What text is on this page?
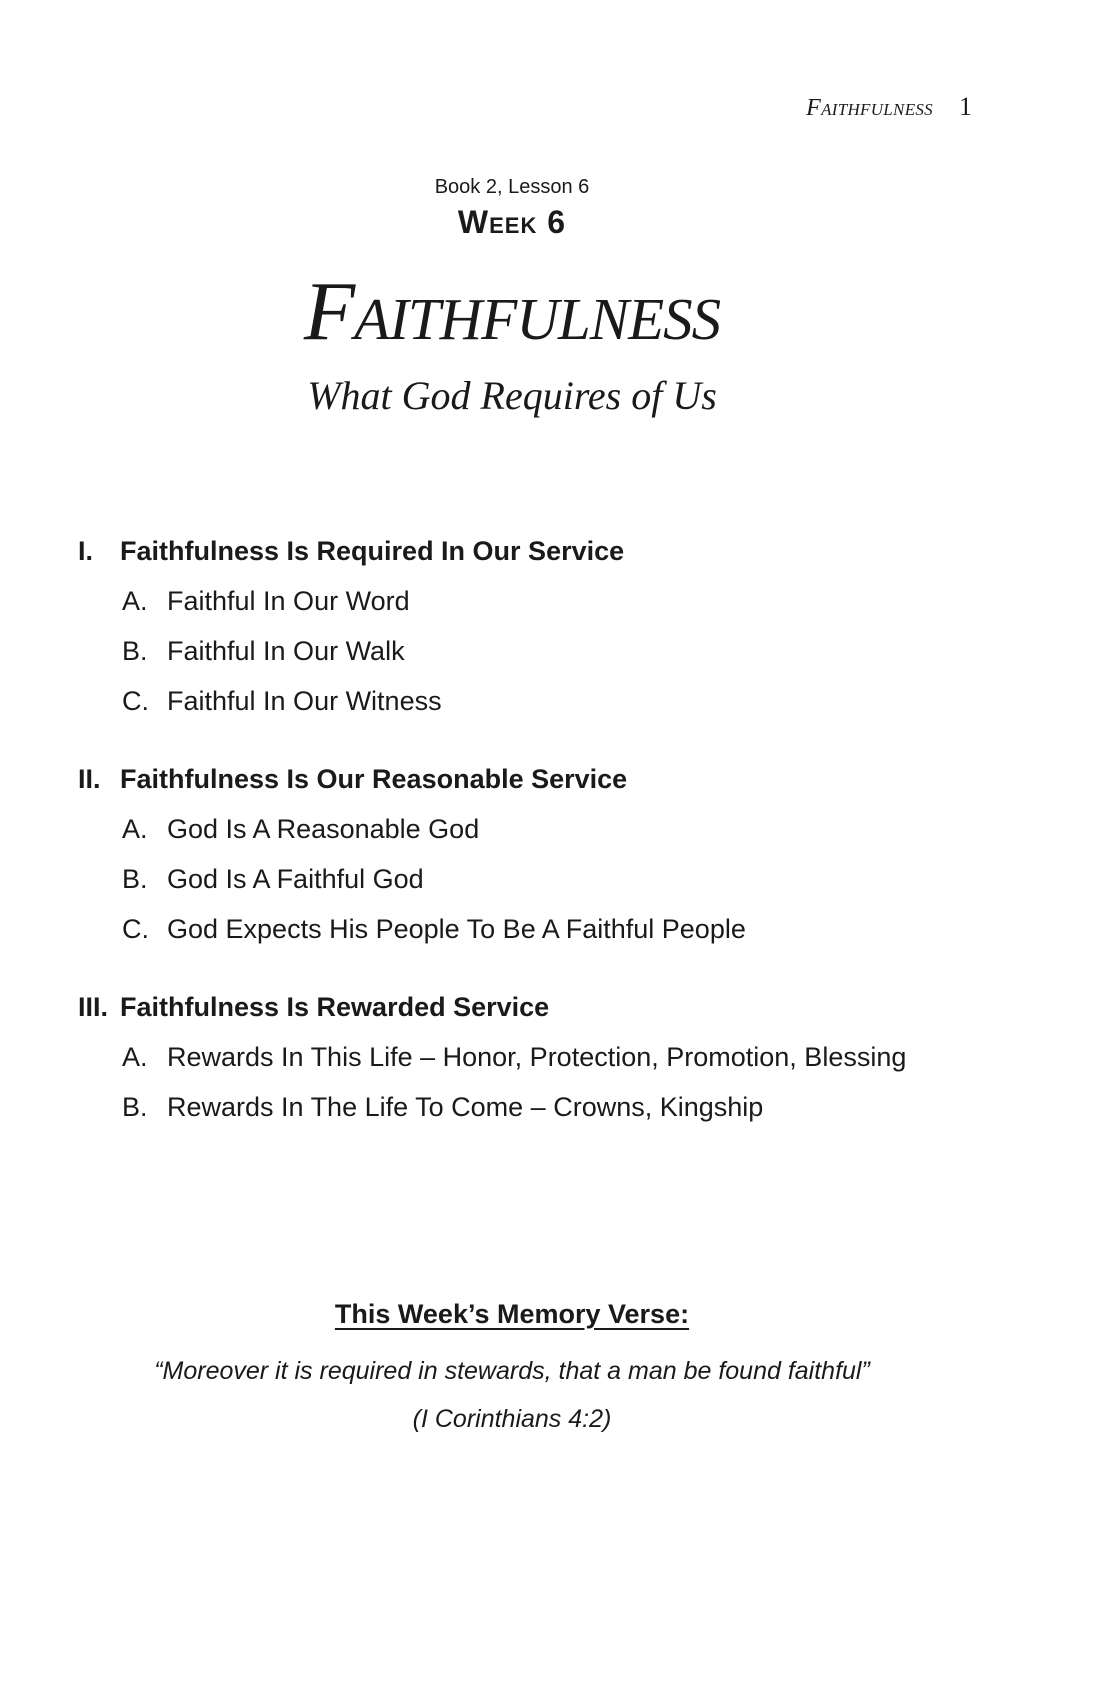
Faithfulness 1
Book 2, Lesson 6
Week 6
Faithfulness
What God Requires of Us
I. Faithfulness Is Required In Our Service
A. Faithful In Our Word
B. Faithful In Our Walk
C. Faithful In Our Witness
II. Faithfulness Is Our Reasonable Service
A. God Is A Reasonable God
B. God Is A Faithful God
C. God Expects His People To Be A Faithful People
III. Faithfulness Is Rewarded Service
A. Rewards In This Life – Honor, Protection, Promotion, Blessing
B. Rewards In The Life To Come – Crowns, Kingship
This Week’s Memory Verse:
“Moreover it is required in stewards, that a man be found faithful”
(I Corinthians 4:2)
